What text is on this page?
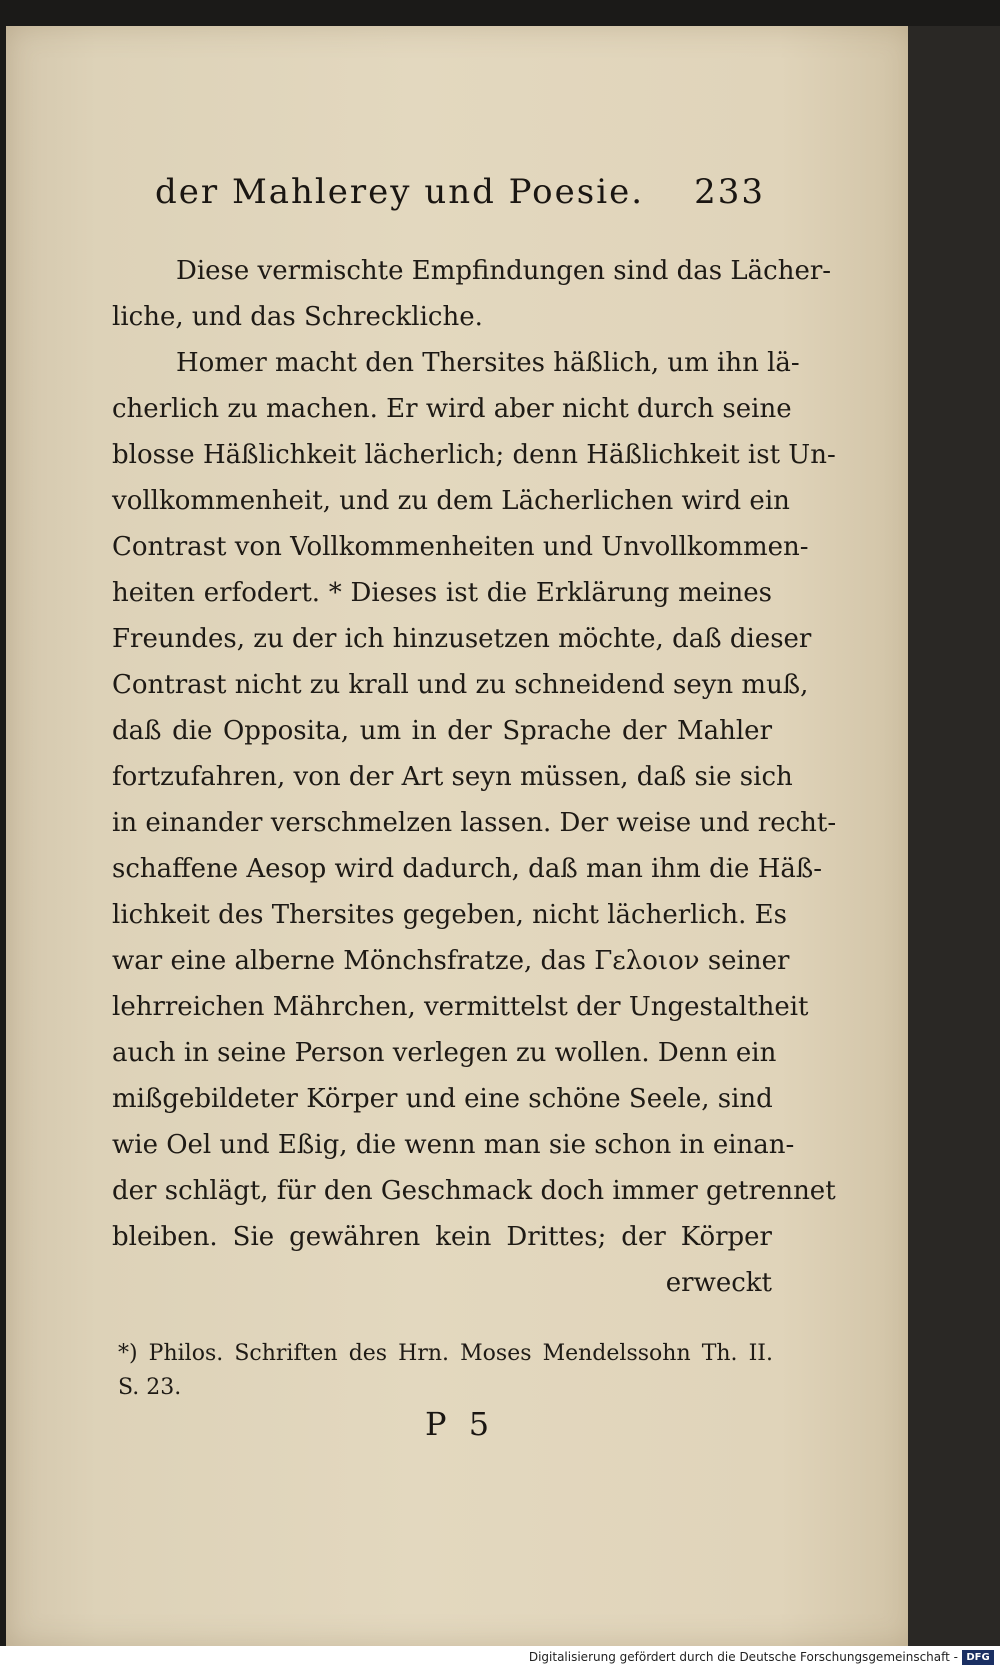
der Mahlerey und Poesie. 233
Diese vermischte Empfindungen sind das Lächer-
liche, und das Schreckliche.
Homer macht den Thersites häßlich, um ihn lä-
cherlich zu machen. Er wird aber nicht durch seine
blosse Häßlichkeit lächerlich; denn Häßlichkeit ist Un-
vollkommenheit, und zu dem Lächerlichen wird ein
Contrast von Vollkommenheiten und Unvollkommen-
heiten erfodert. * Dieses ist die Erklärung meines
Freundes, zu der ich hinzusetzen möchte, daß dieser
Contrast nicht zu krall und zu schneidend seyn muß,
daß die Opposita, um in der Sprache der Mahler
fortzufahren, von der Art seyn müssen, daß sie sich
in einander verschmelzen lassen. Der weise und recht-
schaffene Aesop wird dadurch, daß man ihm die Häß-
lichkeit des Thersites gegeben, nicht lächerlich. Es
war eine alberne Mönchsfratze, das Γελοιον seiner
lehrreichen Mährchen, vermittelst der Ungestaltheit
auch in seine Person verlegen zu wollen. Denn ein
mißgebildeter Körper und eine schöne Seele, sind
wie Oel und Eßig, die wenn man sie schon in einan-
der schlägt, für den Geschmack doch immer getrennet
bleiben. Sie gewähren kein Drittes; der Körper
erweckt
*) Philos. Schriften des Hrn. Moses Mendelssohn Th. II.
S. 23.
P 5
Digitalisierung gefördert durch die Deutsche Forschungsgemeinschaft - DFG
